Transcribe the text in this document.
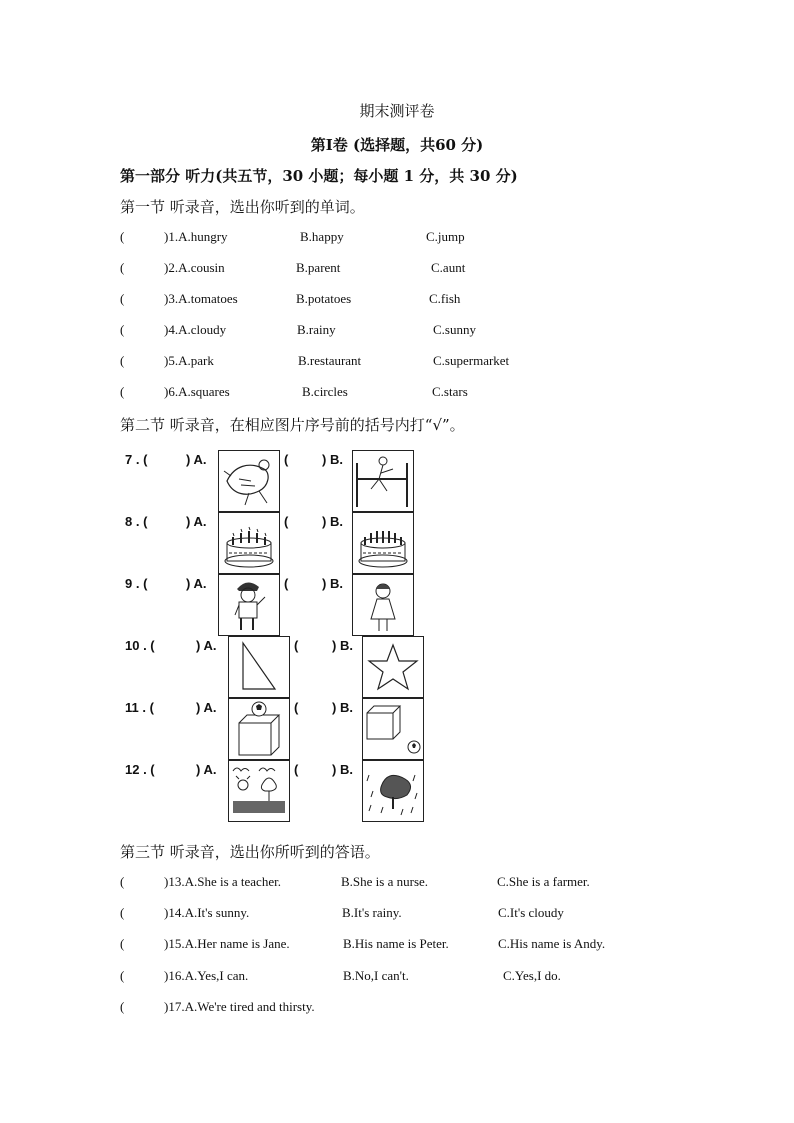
期末测评卷
第Ⅰ卷 (选择题，共60 分)
第一部分 听力(共五节，30 小题；每小题 1 分，共 30 分)
第一节 听录音，选出你听到的单词。
(	)1.A.hungry	B.happy	C.jump
(	)2.A.cousin	B.parent	C.aunt
(	)3.A.tomatoes	B.potatoes	C.fish
(	)4.A.cloudy	B.rainy	C.sunny
(	)5.A.park	B.restaurant	C.supermarket
(	)6.A.squares	B.circles	C.stars
第二节 听录音，在相应图片序号前的括号内打“√”。
7 . (	) A.	(	) B.
8 . (	) A.	(	) B.
9 . (	) A.	(	) B.
10 . (	) A.	(	) B.
11 . (	) A.	(	) B.
12 . (	) A.	(	) B.
第三节 听录音，选出你所听到的答语。
(	)13.A.She is a teacher.	B.She is a nurse.	C.She is a farmer.
(	)14.A.It's sunny.	B.It's rainy.	C.It's cloudy
(	)15.A.Her name is Jane.	B.His name is Peter.	C.His name is Andy.
(	)16.A.Yes,I can.	B.No,I can't.	C.Yes,I do.
(	)17.A.We're tired and thirsty.
